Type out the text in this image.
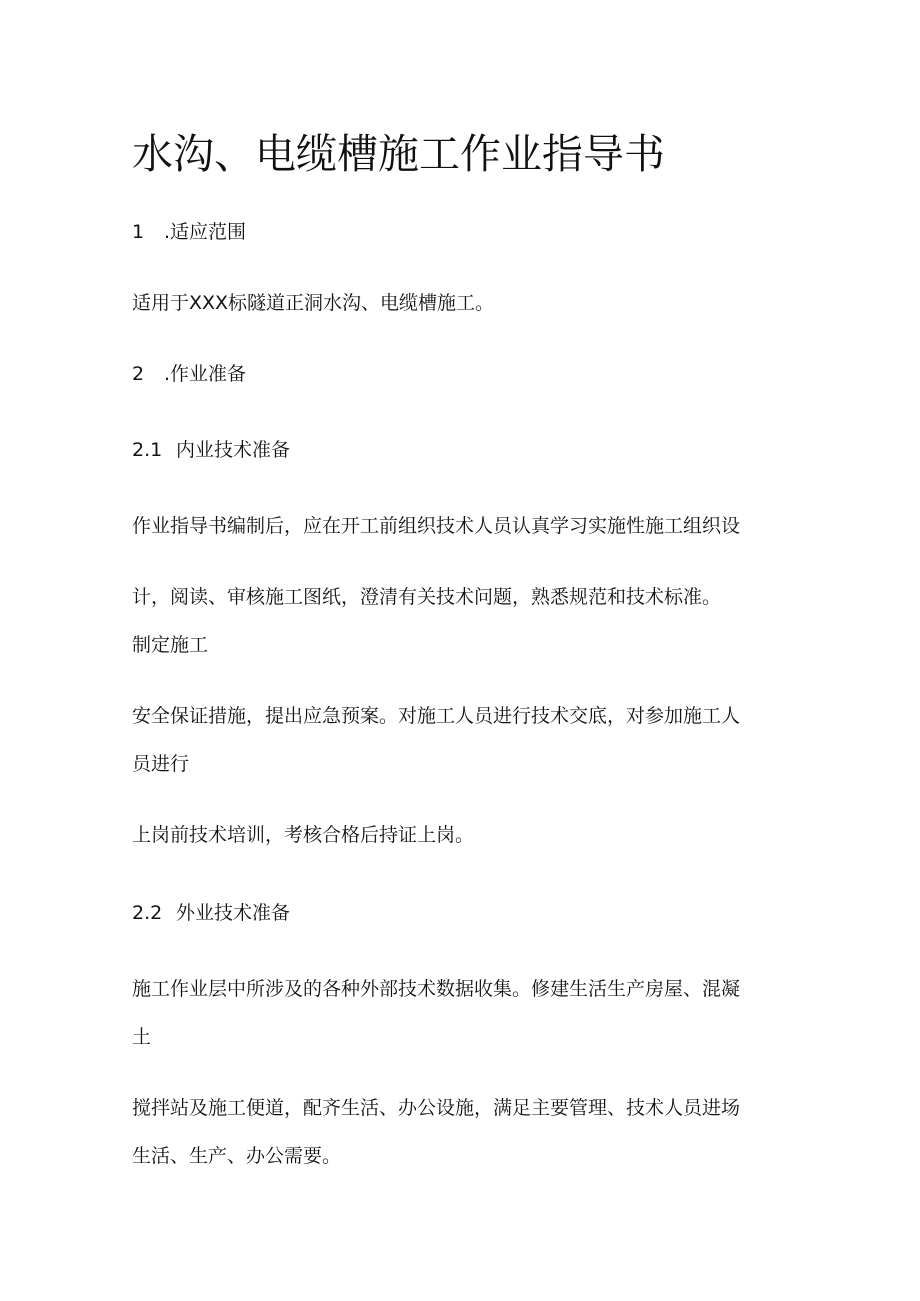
水沟、电缆槽施工作业指导书
1 .适应范围
适用于XXX标隧道正洞水沟、电缆槽施工。
2 .作业准备
2.1 内业技术准备
作业指导书编制后，应在开工前组织技术人员认真学习实施性施工组织设
计，阅读、审核施工图纸，澄清有关技术问题，熟悉规范和技术标准。
制定施工
安全保证措施，提出应急预案。对施工人员进行技术交底，对参加施工人
员进行
上岗前技术培训，考核合格后持证上岗。
2.2 外业技术准备
施工作业层中所涉及的各种外部技术数据收集。修建生活生产房屋、混凝
土
搅拌站及施工便道，配齐生活、办公设施，满足主要管理、技术人员进场
生活、生产、办公需要。
